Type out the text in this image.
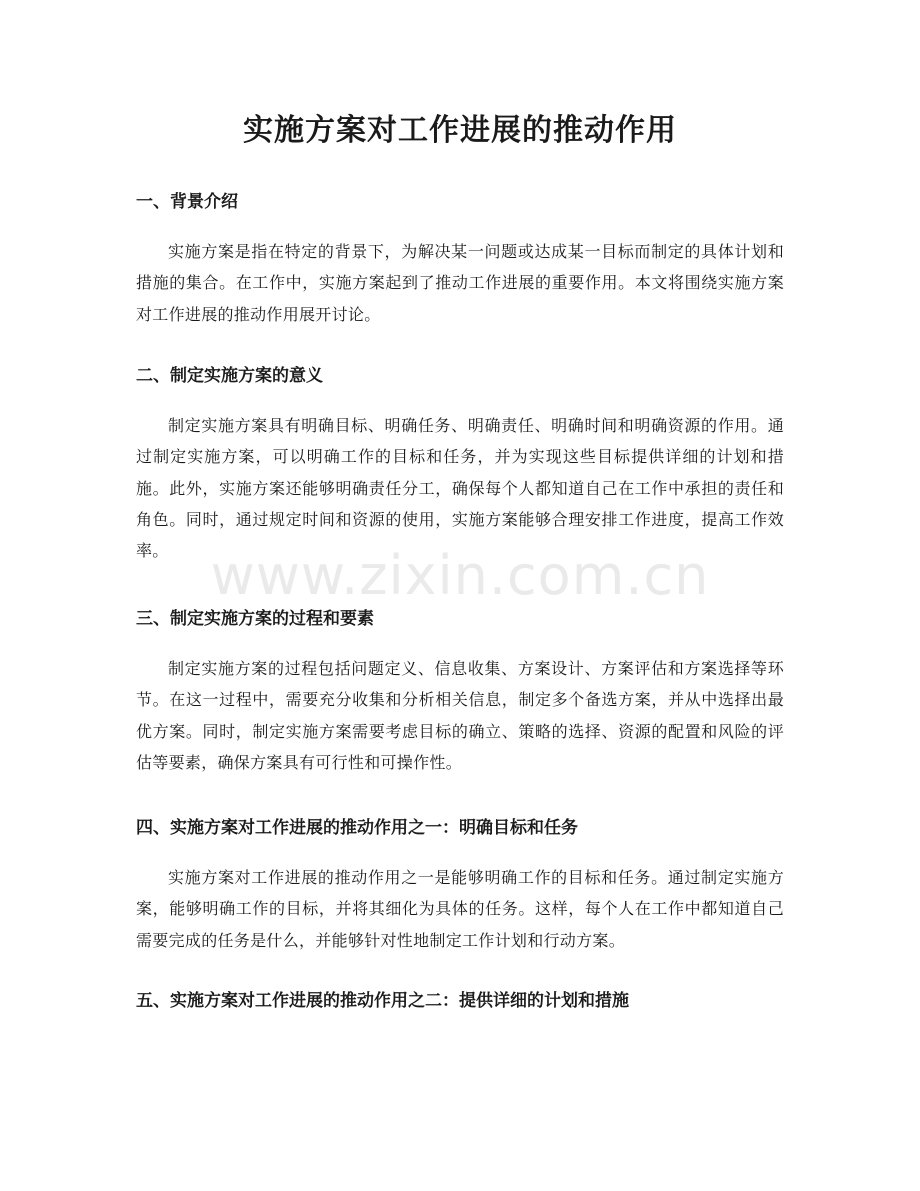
实施方案对工作进展的推动作用
一、背景介绍

实施方案是指在特定的背景下，为解决某一问题或达成某一目标而制定的具体计划和措施的集合。在工作中，实施方案起到了推动工作进展的重要作用。本文将围绕实施方案对工作进展的推动作用展开讨论。

二、制定实施方案的意义

制定实施方案具有明确目标、明确任务、明确责任、明确时间和明确资源的作用。通过制定实施方案，可以明确工作的目标和任务，并为实现这些目标提供详细的计划和措施。此外，实施方案还能够明确责任分工，确保每个人都知道自己在工作中承担的责任和角色。同时，通过规定时间和资源的使用，实施方案能够合理安排工作进度，提高工作效率。

三、制定实施方案的过程和要素

制定实施方案的过程包括问题定义、信息收集、方案设计、方案评估和方案选择等环节。在这一过程中，需要充分收集和分析相关信息，制定多个备选方案，并从中选择出最优方案。同时，制定实施方案需要考虑目标的确立、策略的选择、资源的配置和风险的评估等要素，确保方案具有可行性和可操作性。

四、实施方案对工作进展的推动作用之一：明确目标和任务

实施方案对工作进展的推动作用之一是能够明确工作的目标和任务。通过制定实施方案，能够明确工作的目标，并将其细化为具体的任务。这样，每个人在工作中都知道自己需要完成的任务是什么，并能够针对性地制定工作计划和行动方案。

五、实施方案对工作进展的推动作用之二：提供详细的计划和措施
www.zixin.com.cn
